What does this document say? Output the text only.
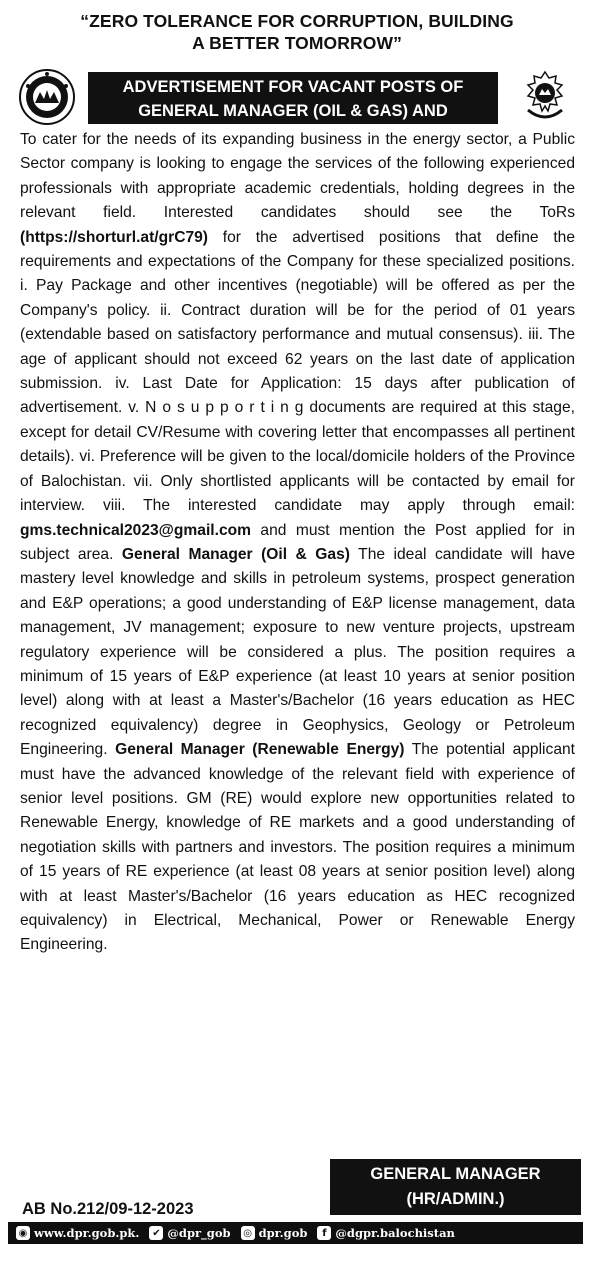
“ZERO TOLERANCE FOR CORRUPTION, BUILDING
A BETTER TOMORROW”
ADVERTISEMENT FOR VACANT POSTS OF
GENERAL MANAGER (OIL & GAS) AND
To cater for the needs of its expanding business in the energy sector, a Public Sector company is looking to engage the services of the following experienced professionals with appropriate academic credentials, holding degrees in the relevant field. Interested candidates should see the ToRs (https://shorturl.at/grC79) for the advertised positions that define the requirements and expectations of the Company for these specialized positions. i. Pay Package and other incentives (negotiable) will be offered as per the Company's policy. ii. Contract duration will be for the period of 01 years (extendable based on satisfactory performance and mutual consensus). iii. The age of applicant should not exceed 62 years on the last date of application submission. iv. Last Date for Application: 15 days after publication of advertisement. v. N o s u p p o r t i n g documents are required at this stage, except for detail CV/Resume with covering letter that encompasses all pertinent details). vi. Preference will be given to the local/domicile holders of the Province of Balochistan. vii. Only shortlisted applicants will be contacted by email for interview. viii. The interested candidate may apply through email: gms.technical2023@gmail.com and must mention the Post applied for in subject area. General Manager (Oil & Gas) The ideal candidate will have mastery level knowledge and skills in petroleum systems, prospect generation and E&P operations; a good understanding of E&P license management, data management, JV management; exposure to new venture projects, upstream regulatory experience will be considered a plus. The position requires a minimum of 15 years of E&P experience (at least 10 years at senior position level) along with at least a Master's/Bachelor (16 years education as HEC recognized equivalency) degree in Geophysics, Geology or Petroleum Engineering. General Manager (Renewable Energy) The potential applicant must have the advanced knowledge of the relevant field with experience of senior level positions. GM (RE) would explore new opportunities related to Renewable Energy, knowledge of RE markets and a good understanding of negotiation skills with partners and investors. The position requires a minimum of 15 years of RE experience (at least 08 years at senior position level) along with at least Master's/Bachelor (16 years education as HEC recognized equivalency) in Electrical, Mechanical, Power or Renewable Energy Engineering.
GENERAL MANAGER
(HR/ADMIN.)
AB No.212/09-12-2023
◉ www.dpr.gob.pk. ✔ @dpr_gob ◎ dpr.gob	f @dgpr.balochistan
